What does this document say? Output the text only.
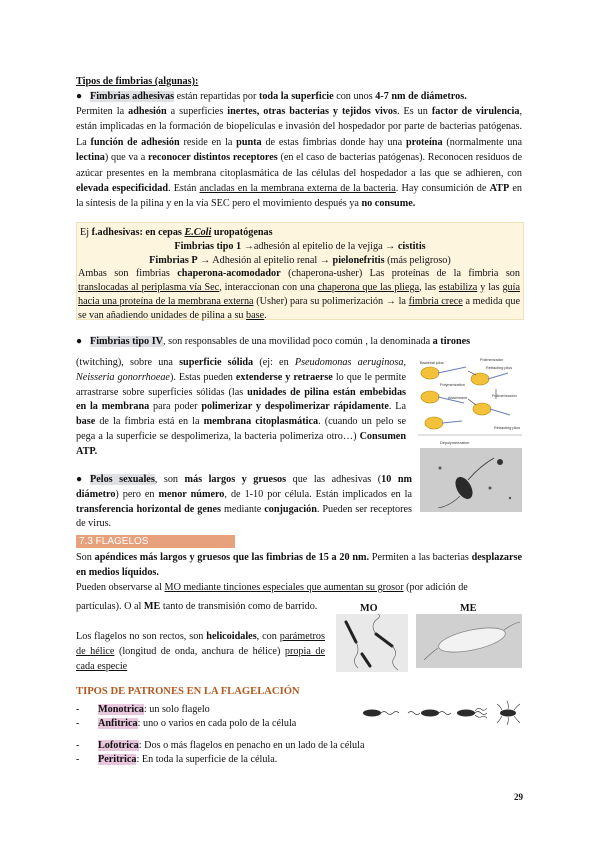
Tipos de fimbrias (algunas):
● Fimbrias adhesivas están repartidas por toda la superficie con unos 4-7 nm de diámetros.
Permiten la adhesión a superficies inertes, otras bacterias y tejidos vivos. Es un factor de virulencia, están implicadas en la formación de biopelículas e invasión del hospedador por parte de bacterias patógenas. La función de adhesión reside en la punta de estas fimbrias donde hay una proteína (normalmente una lectina) que va a reconocer distintos receptores (en el caso de bacterias patógenas). Reconocen residuos de azúcar presentes en la membrana citoplasmática de las células del hospedador a las que se adhieren, con elevada especificidad. Están ancladas en la membrana externa de la bacteria. Hay consumición de ATP en la síntesis de la pilina y en la vía SEC pero el movimiento después ya no consume.
Ej f.adhesivas: en cepas E.Coli uropatógenas
Fimbrias tipo 1 →adhesión al epitelio de la vejiga → cistitis
Fimbrias P → Adhesión al epitelio renal → pielonefritis (más peligroso)
Ambas son fimbrias chaperona-acomodador (chaperona-usher) Las proteínas de la fimbria son translocadas al periplasma vía Sec, interaccionan con una chaperona que las pliega, las estabiliza y las guía hacia una proteína de la membrana externa (Usher) para su polimerización → la fimbria crece a medida que se van añadiendo unidades de pilina a su base.
● Fimbrias tipo IV, son responsables de una movilidad poco común , la denominada a tirones
(twitching), sobre una superficie sólida (ej: en Pseudomonas aeruginosa, Neisseria gonorrhoeae). Estas pueden extenderse y retraerse lo que le permite arrastrarse sobre superficies sólidas (las unidades de pilina están embebidas en la membrana para poder polimerizar y despolimerizar rápidamente. La base de la fimbria está en la membrana citoplasmática. (cuando un pelo se pega a la superficie se despolimeriza, la bacteria polimeriza otro…) Consumen ATP.
Polimerizador
Bacterial pilus
Retracting pilus
Polymerization
Attachment
Depolymerization
Retracting pilus
Polimerización
● Pelos sexuales, son más largos y gruesos que las adhesivas (10 nm diámetro) pero en menor número, de 1-10 por célula. Están implicados en la transferencia horizontal de genes mediante conjugación. Pueden ser receptores de virus.
7.3 FLAGELOS
Son apéndices más largos y gruesos que las fimbrias de 15 a 20 nm. Permiten a las bacterias desplazarse en medios líquidos.
Pueden observarse al MO mediante tinciones especiales que aumentan su grosor (por adición de
partículas). O al ME tanto de transmisión como de barrido.
Los flagelos no son rectos, son helicoidales, con parámetros de hélice (longitud de onda, anchura de hélice) propia de cada especie
MO	ME
TIPOS DE PATRONES EN LA FLAGELACIÓN
- Monotrica: un solo flagelo
- Anfitrica: uno o varios en cada polo de la célula
- Lofotrica: Dos o más flagelos en penacho en un lado de la célula
- Peritrica: En toda la superficie de la célula.
29
